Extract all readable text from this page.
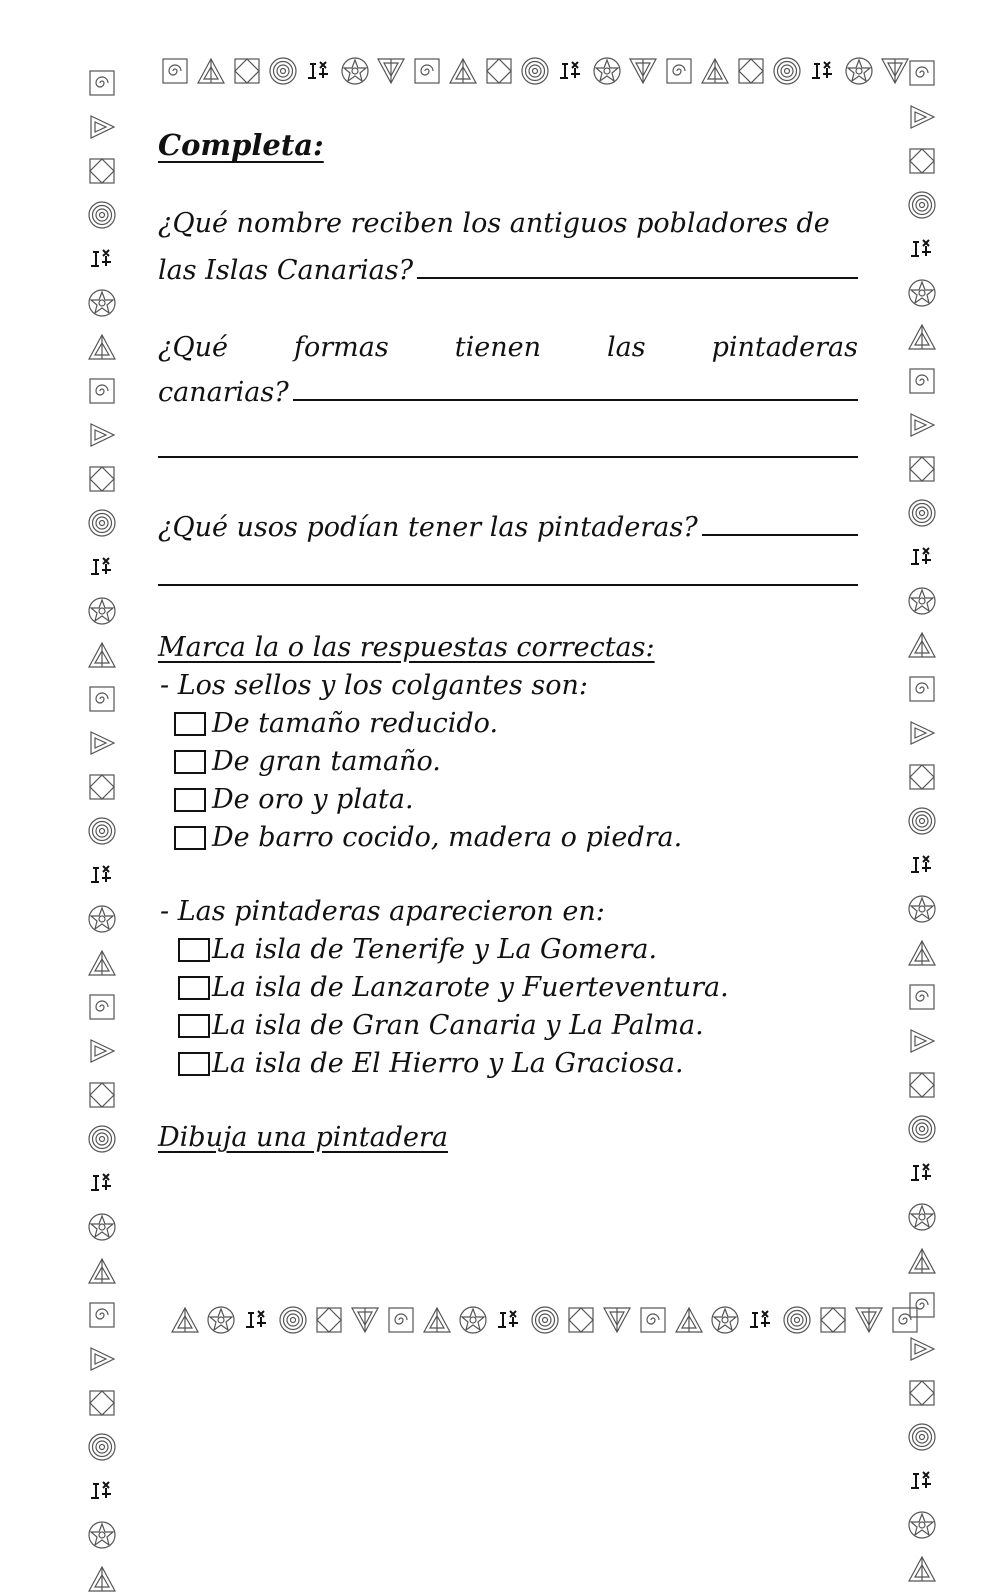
Completa:
¿Qué nombre reciben los antiguos pobladores de
las Islas Canarias?
¿Qué formas tienen las pintaderas
canarias?
¿Qué usos podían tener las pintaderas?
Marca la o las respuestas correctas:
- Los sellos y los colgantes son:
De tamaño reducido.
De gran tamaño.
De oro y plata.
De barro cocido, madera o piedra.
- Las pintaderas aparecieron en:
La isla de Tenerife y La Gomera.
La isla de Lanzarote y Fuerteventura.
La isla de Gran Canaria y La Palma.
La isla de El Hierro y La Graciosa.
Dibuja una pintadera
